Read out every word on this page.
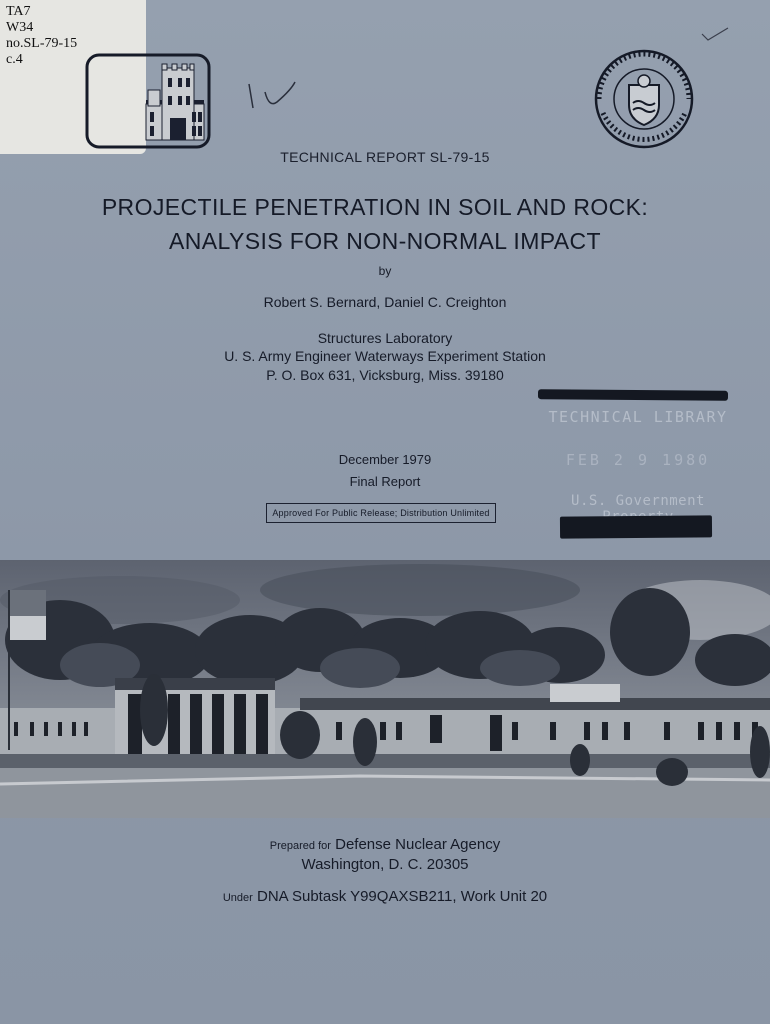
TA7
W34
no.SL-79-15
c.4
TECHNICAL REPORT SL-79-15
PROJECTILE PENETRATION IN SOIL AND ROCK:
ANALYSIS FOR NON-NORMAL IMPACT
by
Robert S. Bernard, Daniel C. Creighton
Structures Laboratory
U. S. Army Engineer Waterways Experiment Station
P. O. Box 631, Vicksburg, Miss. 39180
TECHNICAL LIBRARY
FEB 2 9 1980
U.S. Government
December 1979
Final Report
Approved For Public Release; Distribution Unlimited
Prepared for Defense Nuclear Agency
Washington, D. C. 20305
Under DNA Subtask Y99QAXSB211, Work Unit 20
